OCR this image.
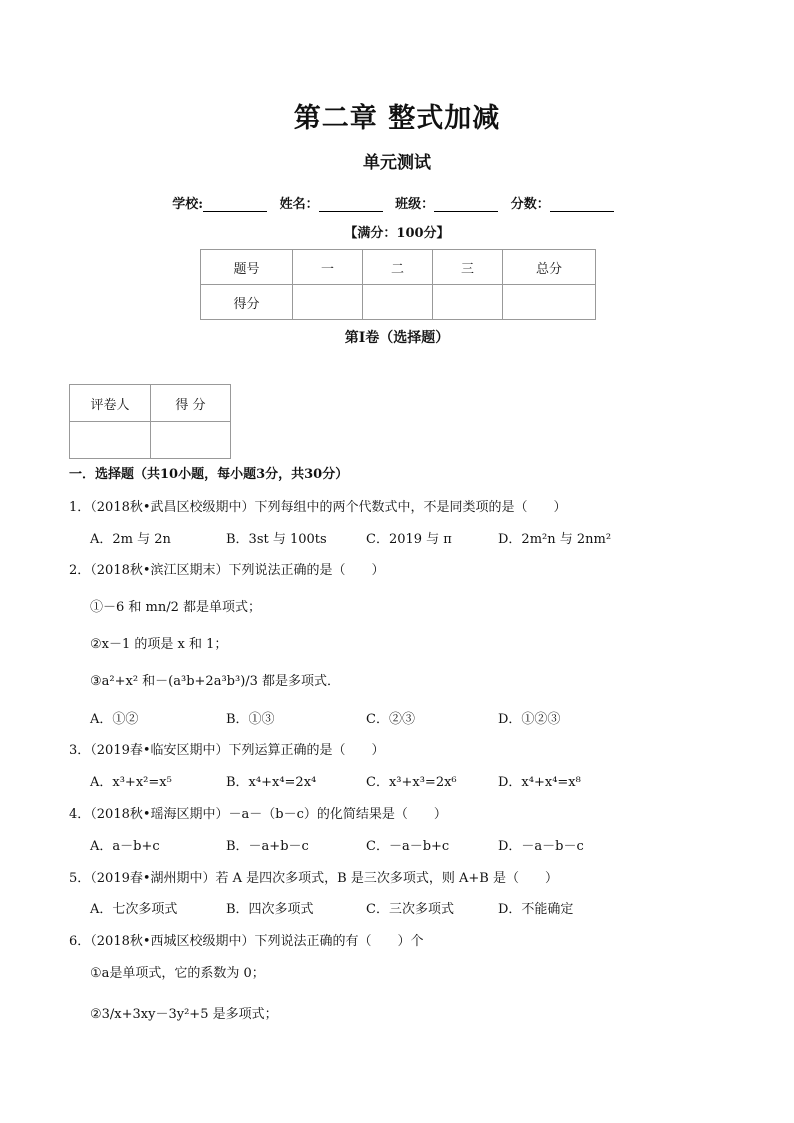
第二章 整式加减
单元测试
学校:	姓名：	班级：	分数：
【满分：100分】
题号	一	二	三	总分
得分				
第Ⅰ卷（选择题）
评卷人	得 分

一．选择题（共10小题，每小题3分，共30分）
1．（2018秋•武昌区校级期中）下列每组中的两个代数式中，不是同类项的是（　　）
A．2m 与 2n	B．3st 与 100ts	C．2019 与 π	D．2m²n 与 2nm²
2．（2018秋•滨江区期末）下列说法正确的是（　　）
①－6 和 mn/2 都是单项式；
②x－1 的项是 x 和 1；
③a²+x² 和－(a³b+2a³b³)/3 都是多项式．
A．①②	B．①③	C．②③	D．①②③
3．（2019春•临安区期中）下列运算正确的是（　　）
A．x³+x²=x⁵	B．x⁴+x⁴=2x⁴	C．x³+x³=2x⁶	D．x⁴+x⁴=x⁸
4．（2018秋•瑶海区期中）－a－（b－c）的化简结果是（　　）
A．a－b+c	B．－a+b－c	C．－a－b+c	D．－a－b－c
5．（2019春•湖州期中）若 A 是四次多项式，B 是三次多项式，则 A+B 是（　　）
A．七次多项式	B．四次多项式	C．三次多项式	D．不能确定
6．（2018秋•西城区校级期中）下列说法正确的有（　　）个
①a是单项式，它的系数为 0；
②3/x+3xy－3y²+5 是多项式；
